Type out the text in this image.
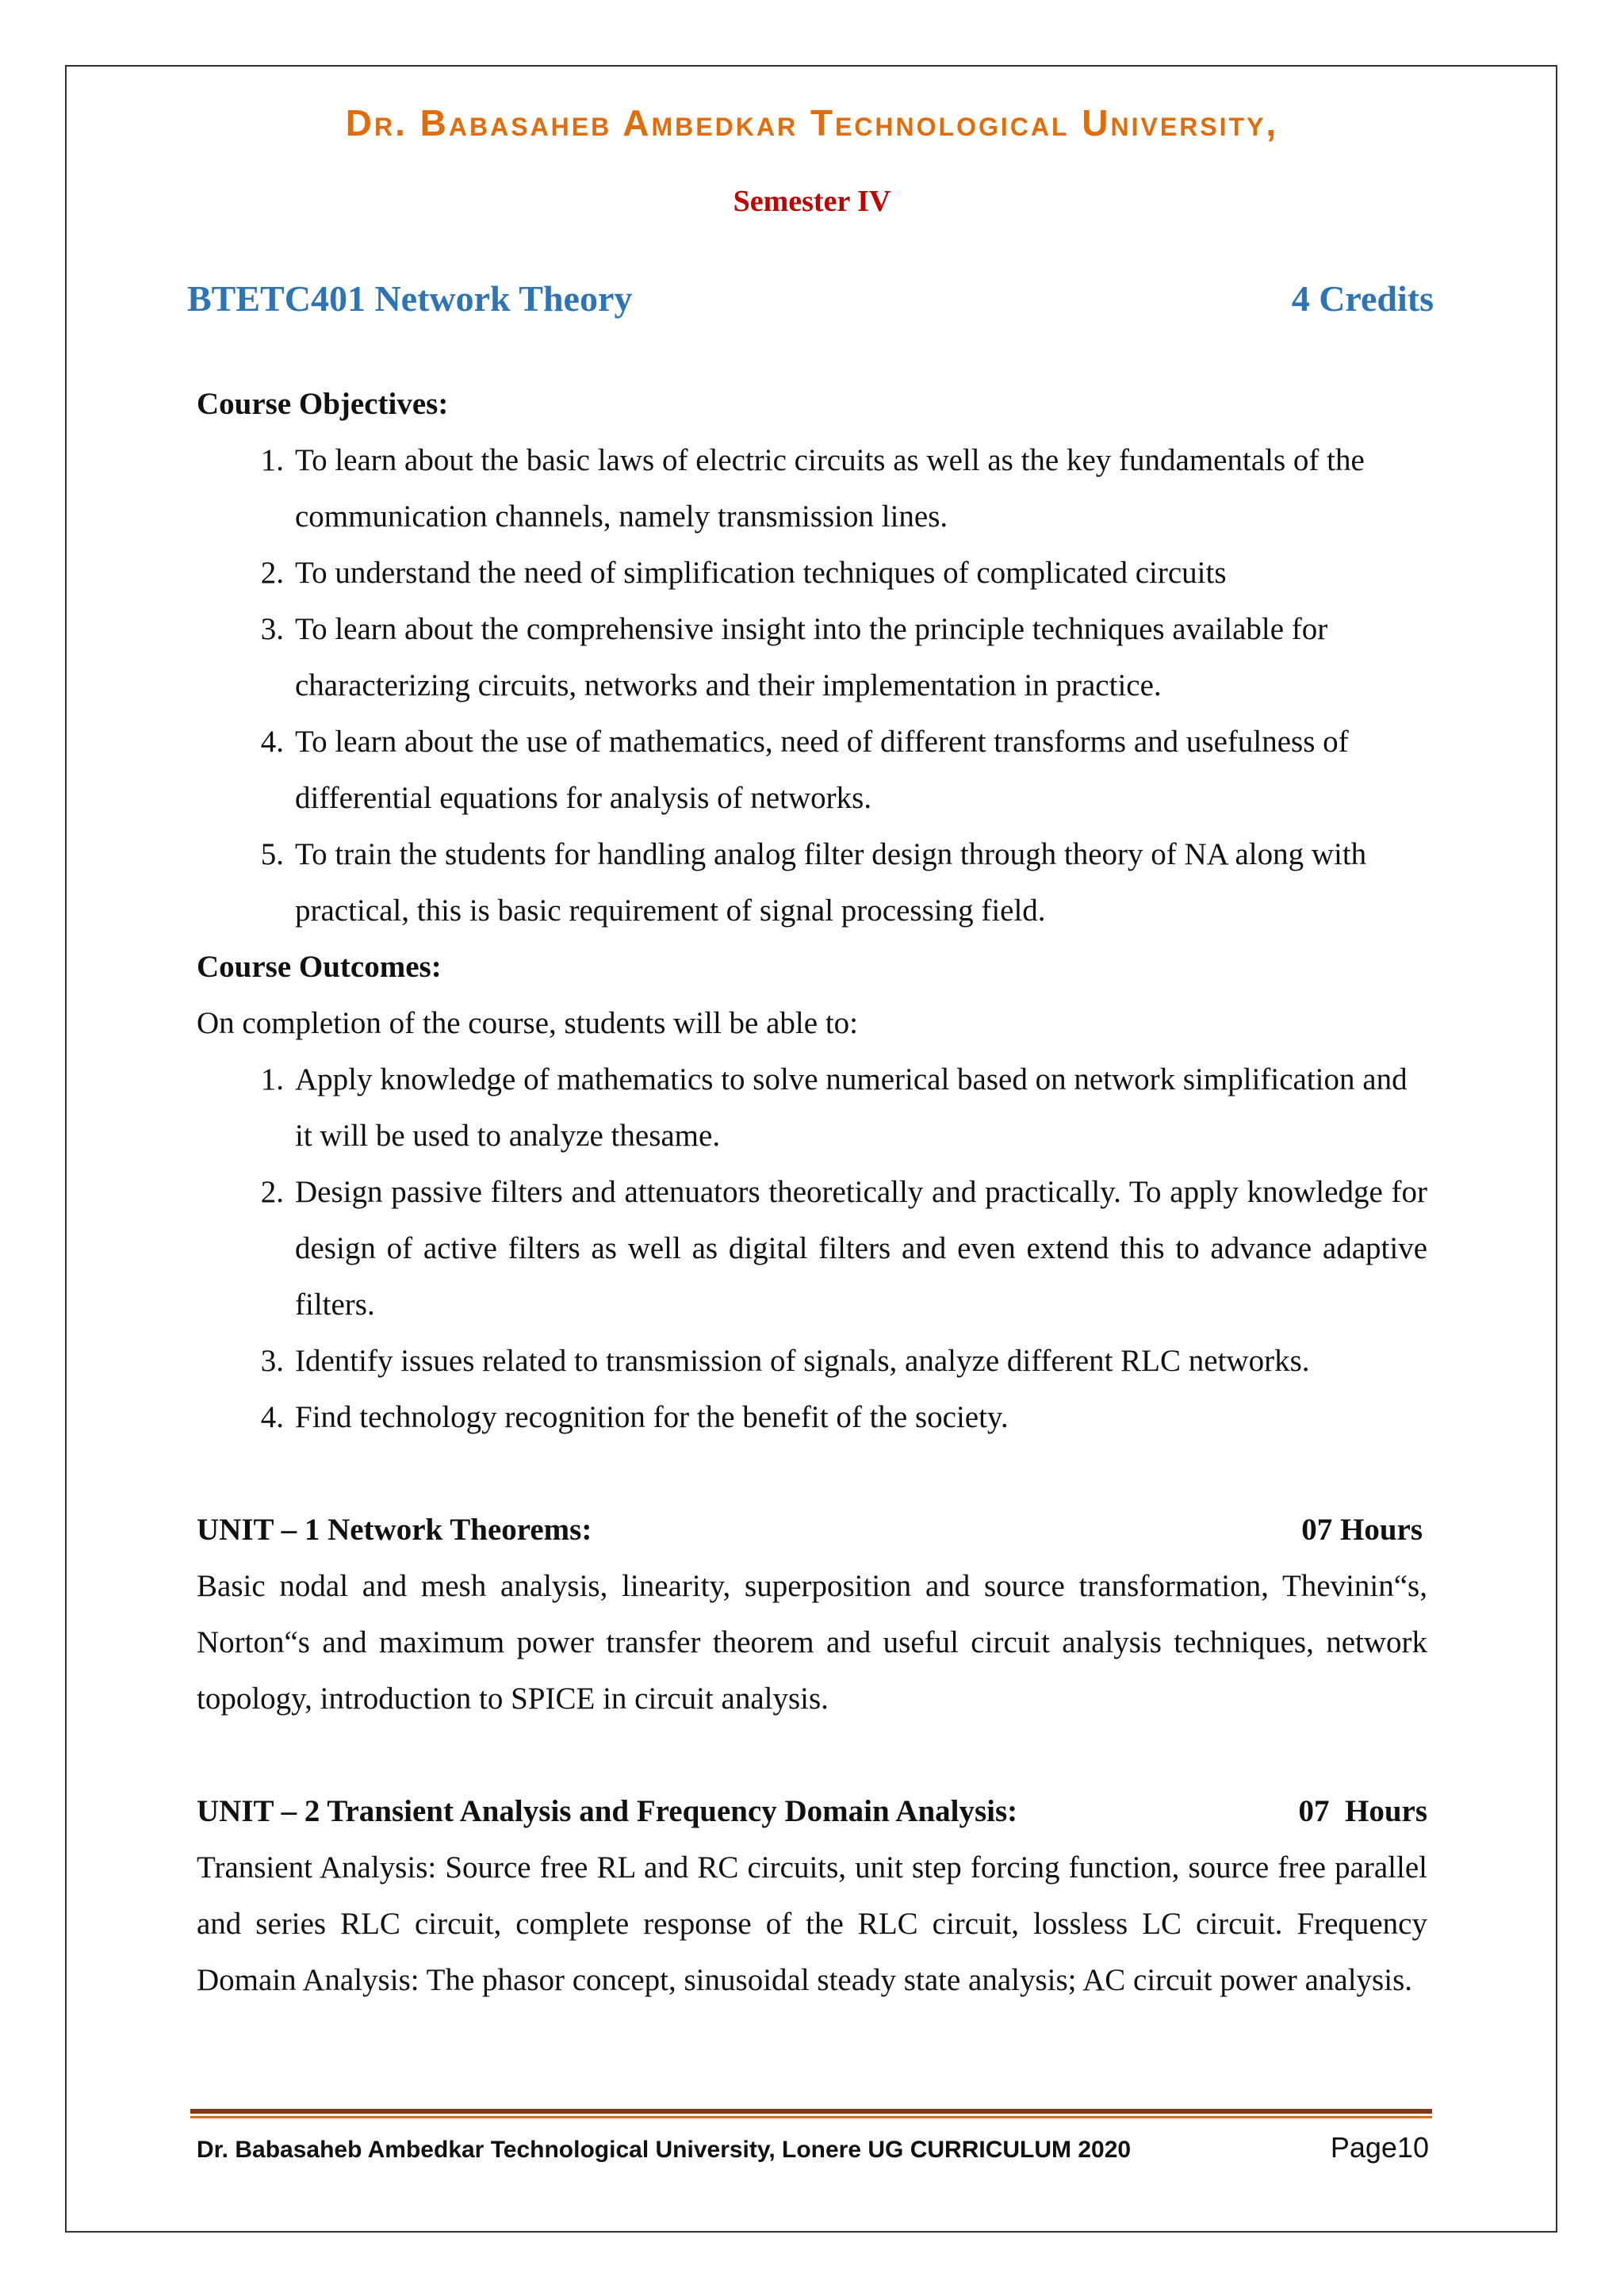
Dr. Babasaheb Ambedkar Technological University,
Semester IV
BTETC401 Network Theory	4 Credits
Course Objectives:
1. To learn about the basic laws of electric circuits as well as the key fundamentals of the communication channels, namely transmission lines.
2. To understand the need of simplification techniques of complicated circuits
3. To learn about the comprehensive insight into the principle techniques available for characterizing circuits, networks and their implementation in practice.
4. To learn about the use of mathematics, need of different transforms and usefulness of differential equations for analysis of networks.
5. To train the students for handling analog filter design through theory of NA along with practical, this is basic requirement of signal processing field.
Course Outcomes:
On completion of the course, students will be able to:
1. Apply knowledge of mathematics to solve numerical based on network simplification and it will be used to analyze thesame.
2. Design passive filters and attenuators theoretically and practically. To apply knowledge for design of active filters as well as digital filters and even extend this to advance adaptive filters.
3. Identify issues related to transmission of signals, analyze different RLC networks.
4. Find technology recognition for the benefit of the society.
UNIT – 1 Network Theorems:	07 Hours
Basic nodal and mesh analysis, linearity, superposition and source transformation, Thevinin“s, Norton“s and maximum power transfer theorem and useful circuit analysis techniques, network topology, introduction to SPICE in circuit analysis.
UNIT – 2 Transient Analysis and Frequency Domain Analysis:	07  Hours
Transient Analysis: Source free RL and RC circuits, unit step forcing function, source free parallel and series RLC circuit, complete response of the RLC circuit, lossless LC circuit. Frequency Domain Analysis: The phasor concept, sinusoidal steady state analysis; AC circuit power analysis.
Dr. Babasaheb Ambedkar Technological University, Lonere UG CURRICULUM 2020	Page10
